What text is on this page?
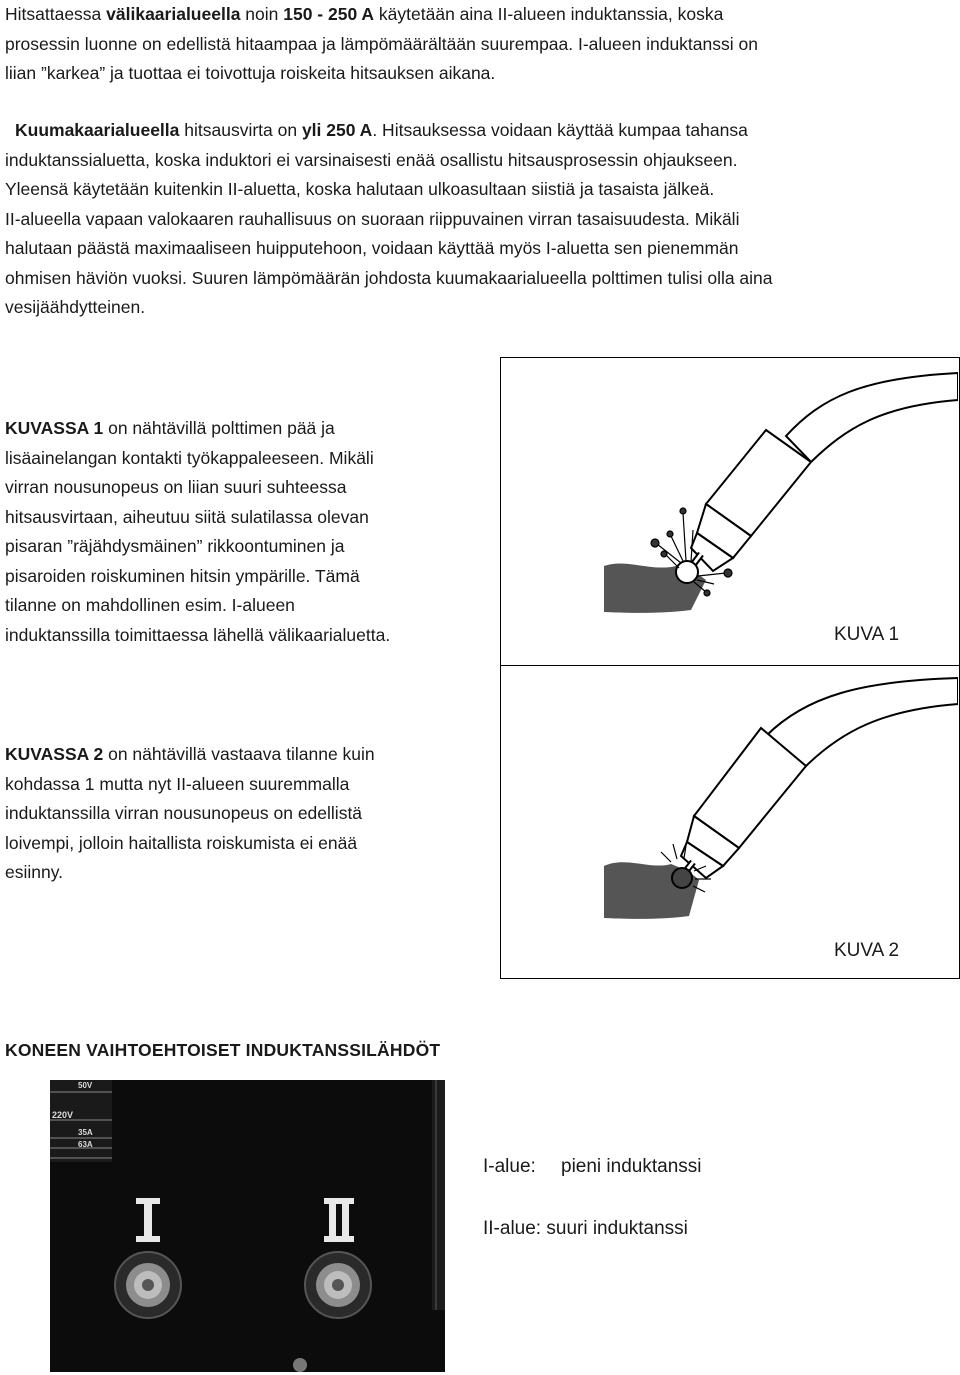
Hitsattaessa välikaarialueella noin 150 - 250 A käytetään aina II-alueen induktanssia, koska
prosessin luonne on edellistä hitaampaa ja lämpömäärältään suurempaa. I-alueen induktanssi on
liian ”karkea” ja tuottaa ei toivottuja roiskeita hitsauksen aikana.
Kuumakaarialueella hitsausvirta on yli 250 A. Hitsauksessa voidaan käyttää kumpaa tahansa
induktanssialuetta, koska induktori ei varsinaisesti enää osallistu hitsausprosessin ohjaukseen.
Yleensä käytetään kuitenkin II-aluetta, koska halutaan ulkoasultaan siistiä ja tasaista jälkeä.
II-alueella vapaan valokaaren rauhallisuus on suoraan riippuvainen virran tasaisuudesta. Mikäli
halutaan päästä maximaaliseen huipputehoon, voidaan käyttää myös I-aluetta sen pienemmän
ohmisen häviön vuoksi. Suuren lämpömäärän johdosta kuumakaarialueella polttimen tulisi olla aina
vesijäähdytteinen.
KUVASSA 1 on nähtävillä polttimen pää ja
lisäainelangan kontakti työkappaleeseen. Mikäli
virran nousunopeus on liian suuri suhteessa
hitsausvirtaan, aiheutuu siitä sulatilassa olevan
pisaran ”räjähdysmäinen” rikkoontuminen ja
pisaroiden roiskuminen hitsin ympärille. Tämä
tilanne on mahdollinen esim. I-alueen
induktanssilla toimittaessa lähellä välikaarialuetta.
KUVASSA 2 on nähtävillä vastaava tilanne kuin
kohdassa 1 mutta nyt II-alueen suuremmalla
induktanssilla virran nousunopeus on edellistä
loivempi, jolloin haitallista roiskumista ei enää
esiinny.
KUVA 1
KUVA 2
KONEEN VAIHTOEHTOISET INDUKTANSSILÄHDÖT
50V
220V
35A
63A
I-alue: pieni induktanssi
II-alue: suuri induktanssi
